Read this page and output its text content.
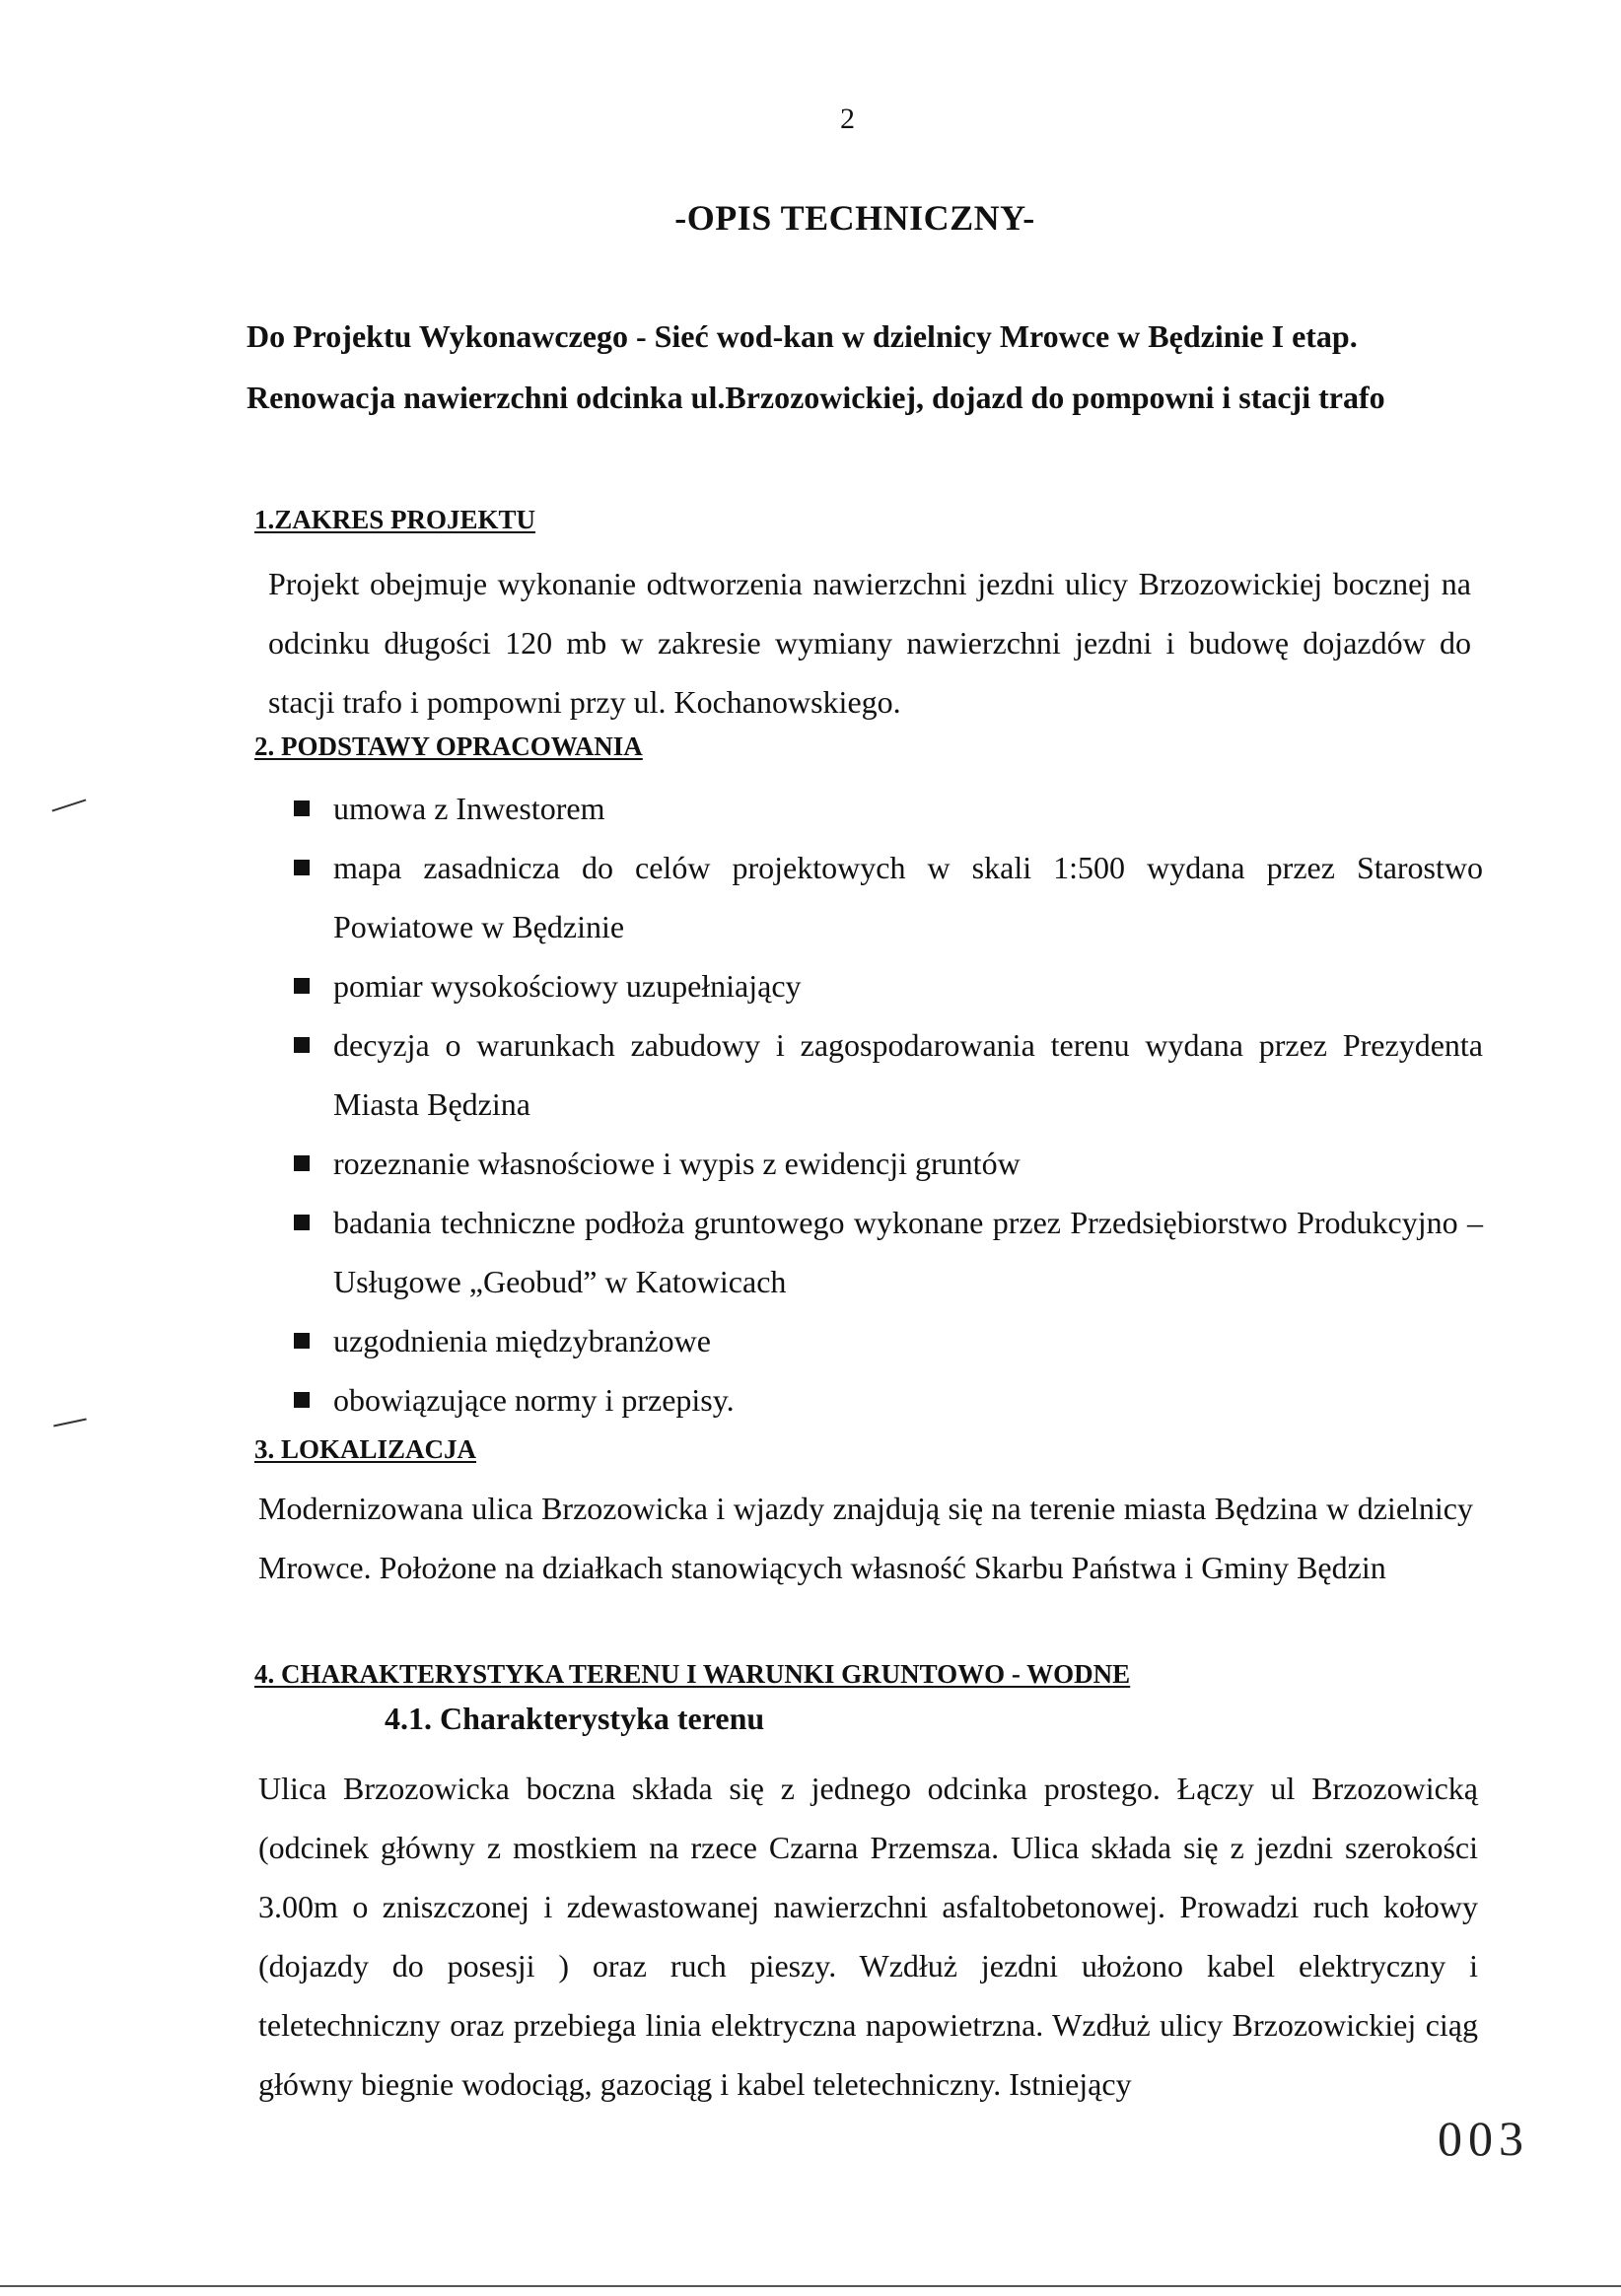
2
-OPIS TECHNICZNY-
Do Projektu Wykonawczego - Sieć wod-kan w dzielnicy Mrowce w Będzinie I etap.
Renowacja nawierzchni odcinka ul.Brzozowickiej, dojazd do pompowni i stacji trafo
1.ZAKRES PROJEKTU
Projekt obejmuje wykonanie odtworzenia nawierzchni jezdni ulicy Brzozowickiej bocznej na odcinku długości 120 mb w zakresie wymiany nawierzchni jezdni i budowę dojazdów do stacji trafo i pompowni przy ul. Kochanowskiego.
2. PODSTAWY OPRACOWANIA
umowa z Inwestorem
mapa zasadnicza do celów projektowych w skali 1:500 wydana przez Starostwo Powiatowe w Będzinie
pomiar wysokościowy uzupełniający
decyzja o warunkach zabudowy i zagospodarowania terenu wydana przez Prezydenta Miasta Będzina
rozeznanie własnościowe i wypis z ewidencji gruntów
badania techniczne podłoża gruntowego wykonane przez Przedsiębiorstwo Produkcyjno – Usługowe „Geobud” w Katowicach
uzgodnienia międzybranżowe
obowiązujące normy i przepisy.
3. LOKALIZACJA
Modernizowana ulica Brzozowicka i wjazdy znajdują się na terenie miasta Będzina w dzielnicy Mrowce. Położone na działkach stanowiących własność Skarbu Państwa i Gminy Będzin
4. CHARAKTERYSTYKA TERENU I WARUNKI GRUNTOWO - WODNE
4.1. Charakterystyka terenu
Ulica Brzozowicka boczna składa się z jednego odcinka prostego. Łączy ul Brzozowicką (odcinek główny z mostkiem na rzece Czarna Przemsza. Ulica składa się z jezdni szerokości 3.00m o zniszczonej i zdewastowanej nawierzchni asfaltobetonowej. Prowadzi ruch kołowy (dojazdy do posesji ) oraz ruch pieszy. Wzdłuż jezdni ułożono kabel elektryczny i teletechniczny oraz przebiega linia elektryczna napowietrzna. Wzdłuż ulicy Brzozowickiej ciąg główny biegnie wodociąg, gazociąg i kabel teletechniczny. Istniejący
003
